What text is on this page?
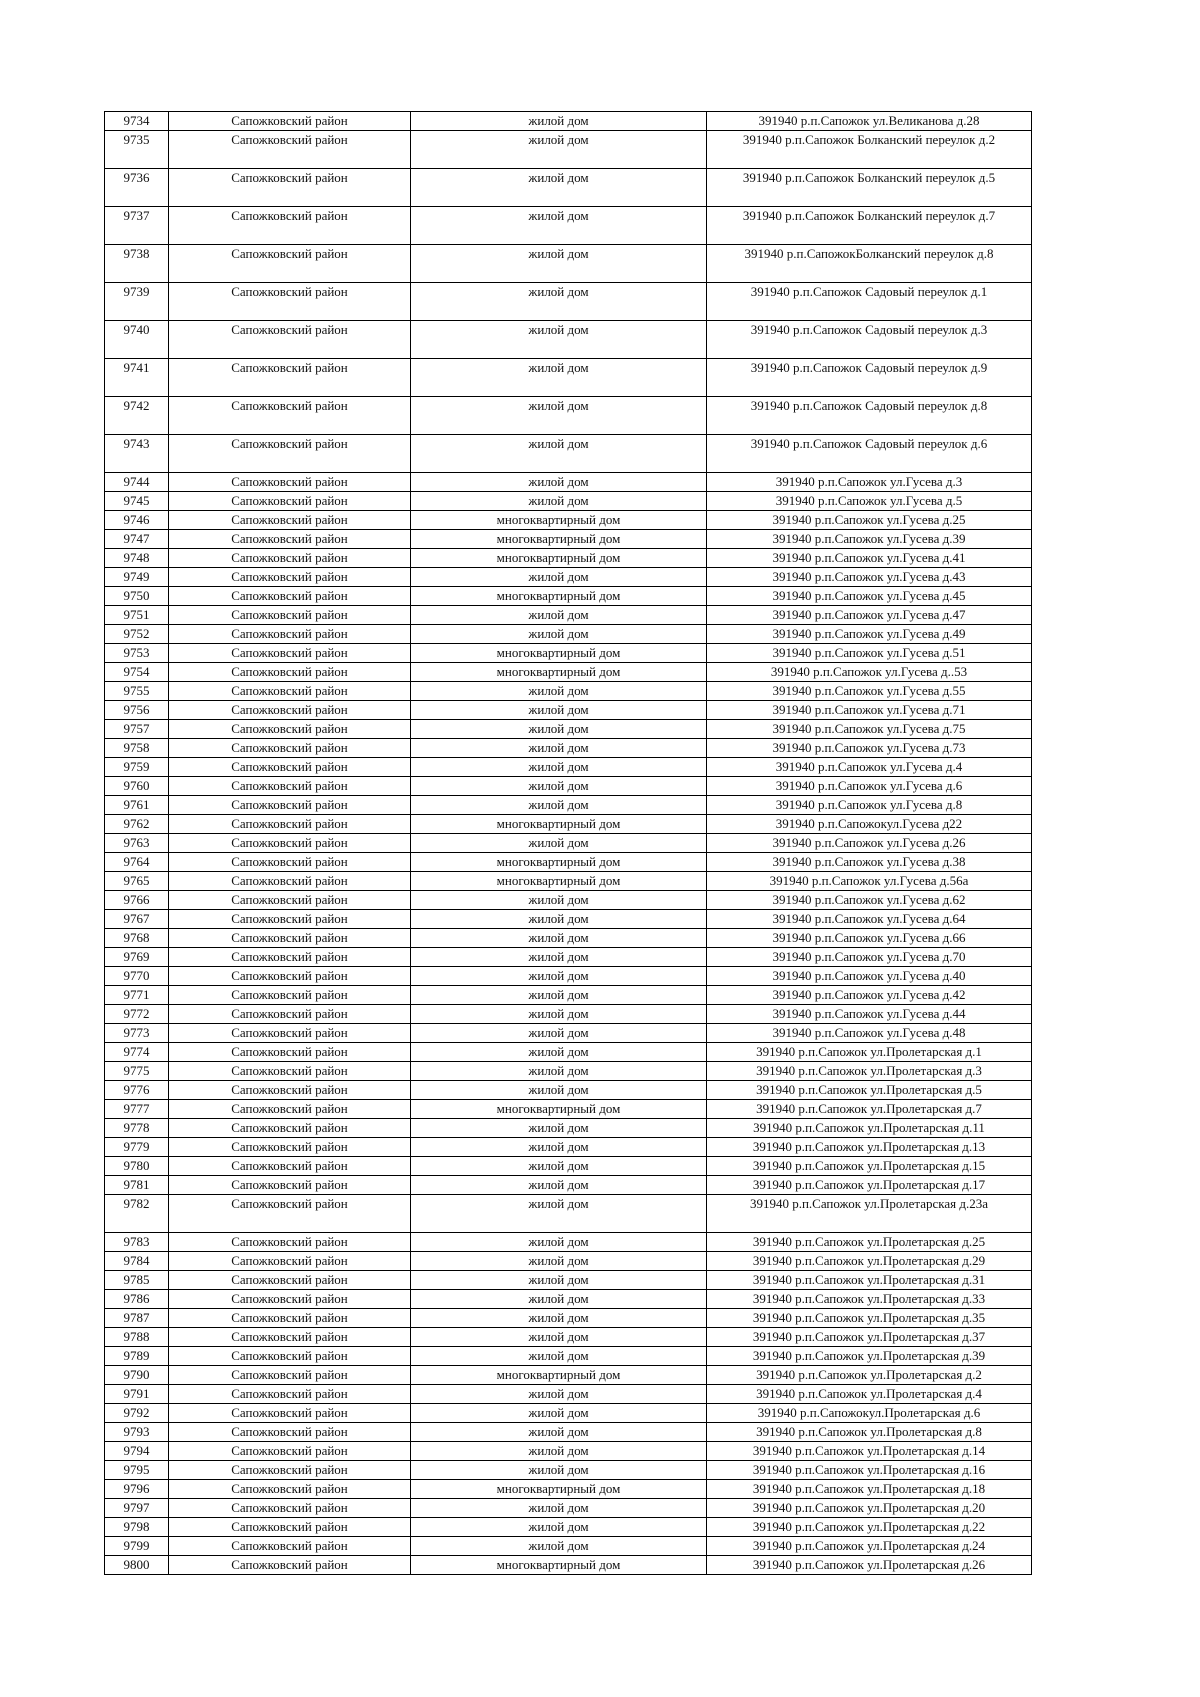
9734	Сапожковский район	жилой дом	391940 р.п.Сапожок ул.Великанова д.28
9735	Сапожковский район	жилой дом	391940 р.п.Сапожок Болканский переулок д.2
9736	Сапожковский район	жилой дом	391940 р.п.Сапожок Болканский переулок д.5
9737	Сапожковский район	жилой дом	391940 р.п.Сапожок Болканский переулок д.7
9738	Сапожковский район	жилой дом	391940 р.п.СапожокБолканский переулок д.8
9739	Сапожковский район	жилой дом	391940 р.п.Сапожок Садовый переулок д.1
9740	Сапожковский район	жилой дом	391940 р.п.Сапожок Садовый переулок д.3
9741	Сапожковский район	жилой дом	391940 р.п.Сапожок Садовый переулок д.9
9742	Сапожковский район	жилой дом	391940 р.п.Сапожок Садовый переулок д.8
9743	Сапожковский район	жилой дом	391940 р.п.Сапожок Садовый переулок д.6
9744	Сапожковский район	жилой дом	391940 р.п.Сапожок ул.Гусева д.3
9745	Сапожковский район	жилой дом	391940 р.п.Сапожок ул.Гусева д.5
9746	Сапожковский район	многоквартирный дом	391940 р.п.Сапожок ул.Гусева д.25
9747	Сапожковский район	многоквартирный дом	391940 р.п.Сапожок ул.Гусева д.39
9748	Сапожковский район	многоквартирный дом	391940 р.п.Сапожок ул.Гусева д.41
9749	Сапожковский район	жилой дом	391940 р.п.Сапожок ул.Гусева д.43
9750	Сапожковский район	многоквартирный дом	391940 р.п.Сапожок ул.Гусева д.45
9751	Сапожковский район	жилой дом	391940 р.п.Сапожок ул.Гусева д.47
9752	Сапожковский район	жилой дом	391940 р.п.Сапожок ул.Гусева д.49
9753	Сапожковский район	многоквартирный дом	391940 р.п.Сапожок ул.Гусева д.51
9754	Сапожковский район	многоквартирный дом	391940 р.п.Сапожок ул.Гусева д..53
9755	Сапожковский район	жилой дом	391940 р.п.Сапожок ул.Гусева д.55
9756	Сапожковский район	жилой дом	391940 р.п.Сапожок ул.Гусева д.71
9757	Сапожковский район	жилой дом	391940 р.п.Сапожок ул.Гусева д.75
9758	Сапожковский район	жилой дом	391940 р.п.Сапожок ул.Гусева д.73
9759	Сапожковский район	жилой дом	391940 р.п.Сапожок ул.Гусева д.4
9760	Сапожковский район	жилой дом	391940 р.п.Сапожок ул.Гусева д.6
9761	Сапожковский район	жилой дом	391940 р.п.Сапожок ул.Гусева д.8
9762	Сапожковский район	многоквартирный дом	391940 р.п.Сапожокул.Гусева д22
9763	Сапожковский район	жилой дом	391940 р.п.Сапожок ул.Гусева д.26
9764	Сапожковский район	многоквартирный дом	391940 р.п.Сапожок ул.Гусева д.38
9765	Сапожковский район	многоквартирный дом	391940 р.п.Сапожок ул.Гусева д.56а
9766	Сапожковский район	жилой дом	391940 р.п.Сапожок ул.Гусева д.62
9767	Сапожковский район	жилой дом	391940 р.п.Сапожок ул.Гусева д.64
9768	Сапожковский район	жилой дом	391940 р.п.Сапожок ул.Гусева д.66
9769	Сапожковский район	жилой дом	391940 р.п.Сапожок ул.Гусева д.70
9770	Сапожковский район	жилой дом	391940 р.п.Сапожок ул.Гусева д.40
9771	Сапожковский район	жилой дом	391940 р.п.Сапожок ул.Гусева д.42
9772	Сапожковский район	жилой дом	391940 р.п.Сапожок ул.Гусева д.44
9773	Сапожковский район	жилой дом	391940 р.п.Сапожок ул.Гусева д.48
9774	Сапожковский район	жилой дом	391940 р.п.Сапожок ул.Пролетарская д.1
9775	Сапожковский район	жилой дом	391940 р.п.Сапожок ул.Пролетарская д.3
9776	Сапожковский район	жилой дом	391940 р.п.Сапожок ул.Пролетарская д.5
9777	Сапожковский район	многоквартирный дом	391940 р.п.Сапожок ул.Пролетарская д.7
9778	Сапожковский район	жилой дом	391940 р.п.Сапожок ул.Пролетарская д.11
9779	Сапожковский район	жилой дом	391940 р.п.Сапожок ул.Пролетарская д.13
9780	Сапожковский район	жилой дом	391940 р.п.Сапожок ул.Пролетарская д.15
9781	Сапожковский район	жилой дом	391940 р.п.Сапожок ул.Пролетарская д.17
9782	Сапожковский район	жилой дом	391940 р.п.Сапожок ул.Пролетарская д.23а
9783	Сапожковский район	жилой дом	391940 р.п.Сапожок ул.Пролетарская д.25
9784	Сапожковский район	жилой дом	391940 р.п.Сапожок ул.Пролетарская д.29
9785	Сапожковский район	жилой дом	391940 р.п.Сапожок ул.Пролетарская д.31
9786	Сапожковский район	жилой дом	391940 р.п.Сапожок ул.Пролетарская д.33
9787	Сапожковский район	жилой дом	391940 р.п.Сапожок ул.Пролетарская д.35
9788	Сапожковский район	жилой дом	391940 р.п.Сапожок ул.Пролетарская д.37
9789	Сапожковский район	жилой дом	391940 р.п.Сапожок ул.Пролетарская д.39
9790	Сапожковский район	многоквартирный дом	391940 р.п.Сапожок ул.Пролетарская д.2
9791	Сапожковский район	жилой дом	391940 р.п.Сапожок ул.Пролетарская д.4
9792	Сапожковский район	жилой дом	391940 р.п.Сапожокул.Пролетарская д.6
9793	Сапожковский район	жилой дом	391940 р.п.Сапожок ул.Пролетарская д.8
9794	Сапожковский район	жилой дом	391940 р.п.Сапожок ул.Пролетарская д.14
9795	Сапожковский район	жилой дом	391940 р.п.Сапожок ул.Пролетарская д.16
9796	Сапожковский район	многоквартирный дом	391940 р.п.Сапожок ул.Пролетарская д.18
9797	Сапожковский район	жилой дом	391940 р.п.Сапожок ул.Пролетарская д.20
9798	Сапожковский район	жилой дом	391940 р.п.Сапожок ул.Пролетарская д.22
9799	Сапожковский район	жилой дом	391940 р.п.Сапожок ул.Пролетарская д.24
9800	Сапожковский район	многоквартирный дом	391940 р.п.Сапожок ул.Пролетарская д.26
